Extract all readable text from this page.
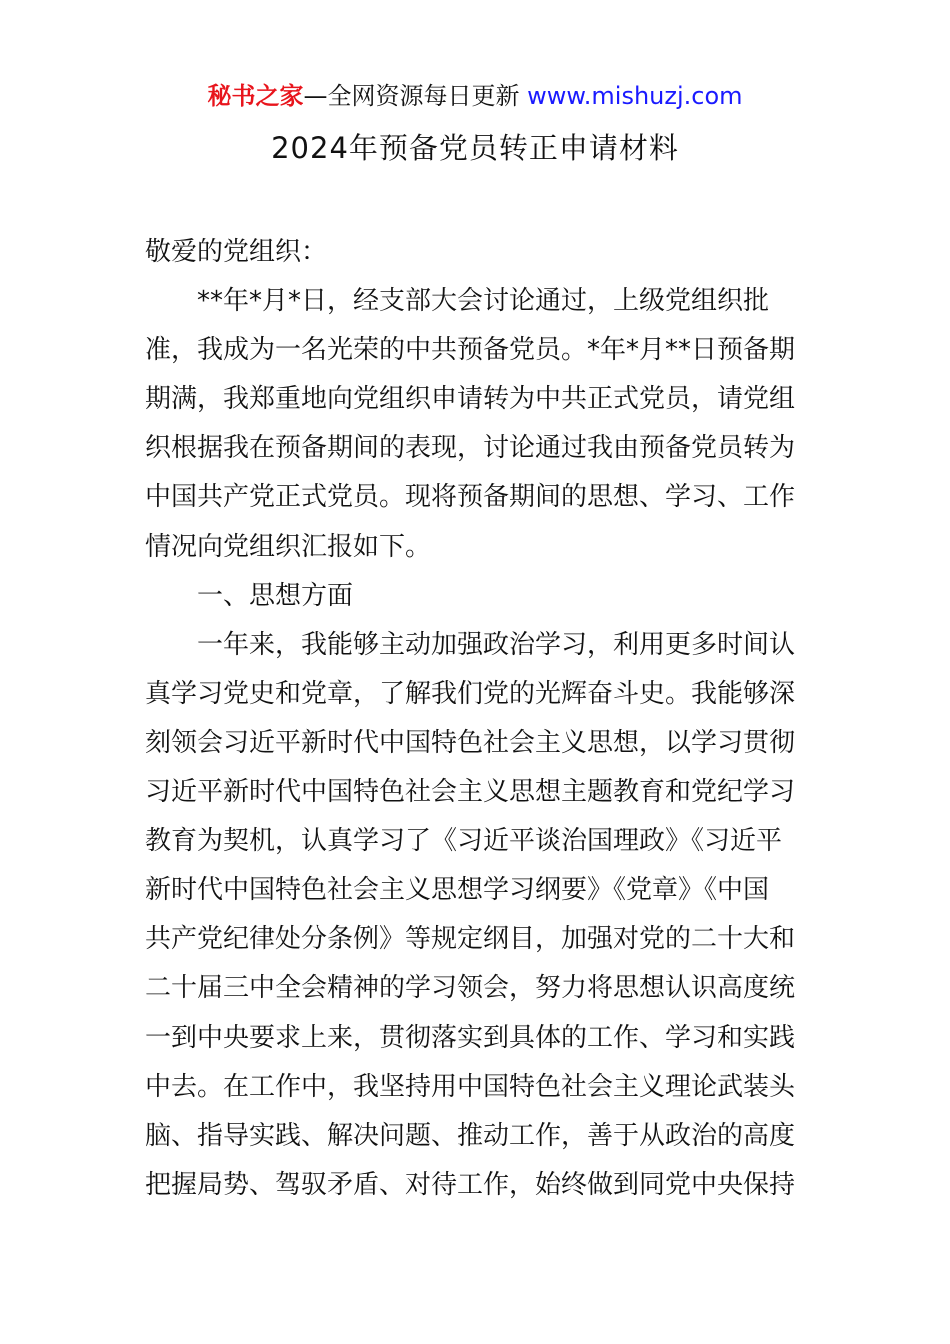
秘书之家—全网资源每日更新 www.mishuzj.com
2024年预备党员转正申请材料
敬爱的党组织：
**年*月*日，经支部大会讨论通过，上级党组织批
准，我成为一名光荣的中共预备党员。*年*月**日预备期
期满，我郑重地向党组织申请转为中共正式党员，请党组
织根据我在预备期间的表现，讨论通过我由预备党员转为
中国共产党正式党员。现将预备期间的思想、学习、工作
情况向党组织汇报如下。
一、思想方面
一年来，我能够主动加强政治学习，利用更多时间认
真学习党史和党章，了解我们党的光辉奋斗史。我能够深
刻领会习近平新时代中国特色社会主义思想，以学习贯彻
习近平新时代中国特色社会主义思想主题教育和党纪学习
教育为契机，认真学习了《习近平谈治国理政》《习近平
新时代中国特色社会主义思想学习纲要》《党章》《中国
共产党纪律处分条例》等规定纲目，加强对党的二十大和
二十届三中全会精神的学习领会，努力将思想认识高度统
一到中央要求上来，贯彻落实到具体的工作、学习和实践
中去。在工作中，我坚持用中国特色社会主义理论武装头
脑、指导实践、解决问题、推动工作，善于从政治的高度
把握局势、驾驭矛盾、对待工作，始终做到同党中央保持
